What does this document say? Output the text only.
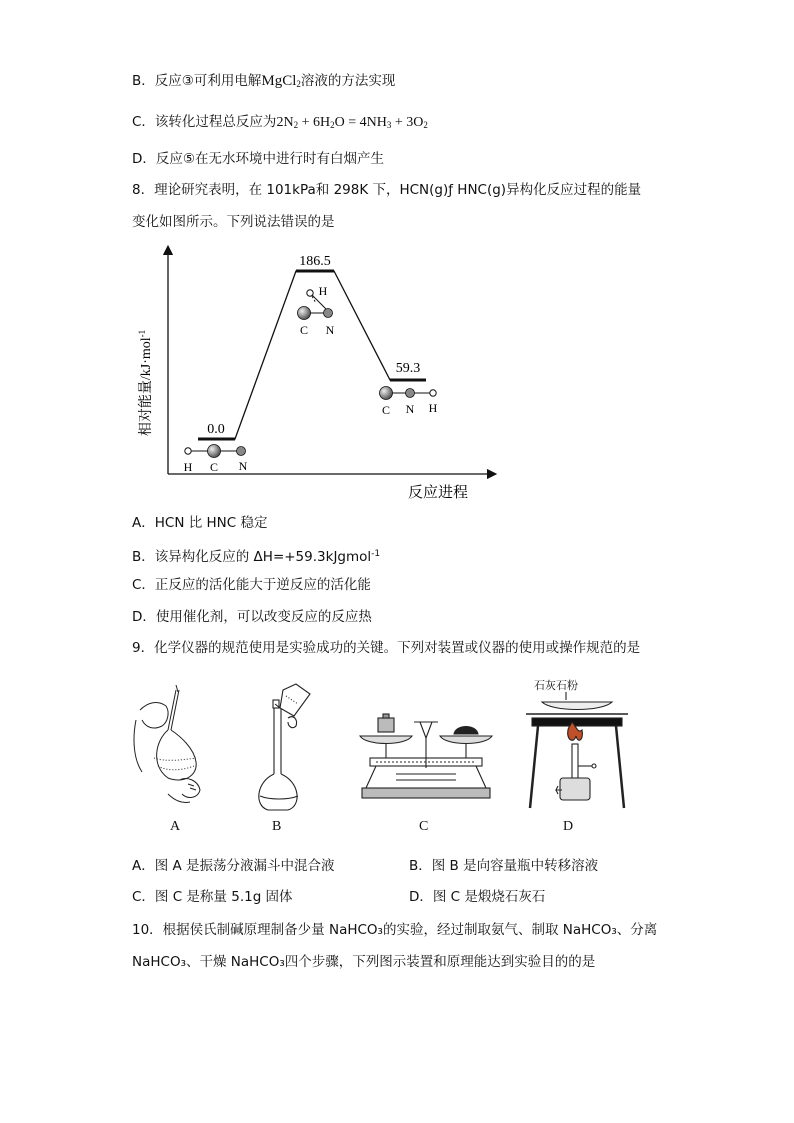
B．反应③可利用电解MgCl$_2$溶液的方法实现
C．该转化过程总反应为$2N_2 + 6H_2O = 4NH_3 + 3O_2$
D．反应⑤在无水环境中进行时有白烟产生
8．理论研究表明，在 101kPa和 298K 下，HCN(g)ƒ HNC(g)异构化反应过程的能量
变化如图所示。下列说法错误的是
相对能量/kJ·mol$^{-1}$
反应进程
0.0
186.5
59.3
H C N
H
C N
C N H
A．HCN 比 HNC 稳定
B．该异构化反应的 ΔH=+59.3kJgmol$^{-1}$
C．正反应的活化能大于逆反应的活化能
D．使用催化剂，可以改变反应的反应热
9．化学仪器的规范使用是实验成功的关键。下列对装置或仪器的使用或操作规范的是
A	B	C
石灰石粉
D
A．图 A 是振荡分液漏斗中混合液	B．图 B 是向容量瓶中转移溶液
C．图 C 是称量 5.1g 固体	D．图 C 是煅烧石灰石
10．根据侯氏制碱原理制备少量 NaHCO₃的实验，经过制取氨气、制取 NaHCO₃、分离
NaHCO₃、干燥 NaHCO₃四个步骤，下列图示装置和原理能达到实验目的的是
